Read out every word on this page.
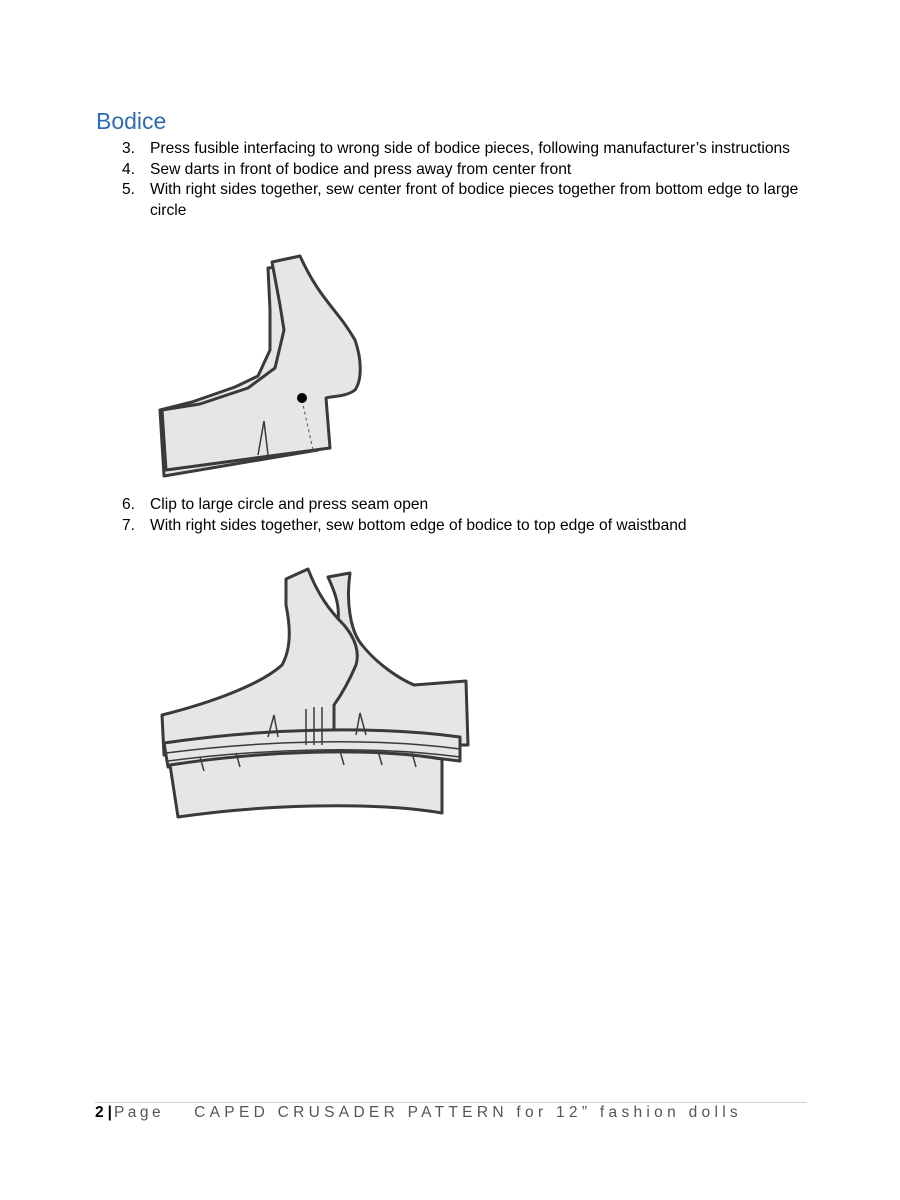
Bodice
3. Press fusible interfacing to wrong side of bodice pieces, following manufacturer’s instructions
4. Sew darts in front of bodice and press away from center front
5. With right sides together, sew center front of bodice pieces together from bottom edge to large circle
6. Clip to large circle and press seam open
7. With right sides together, sew bottom edge of bodice to top edge of waistband
2 | Page CAPED CRUSADER PATTERN for 12” fashion dolls
